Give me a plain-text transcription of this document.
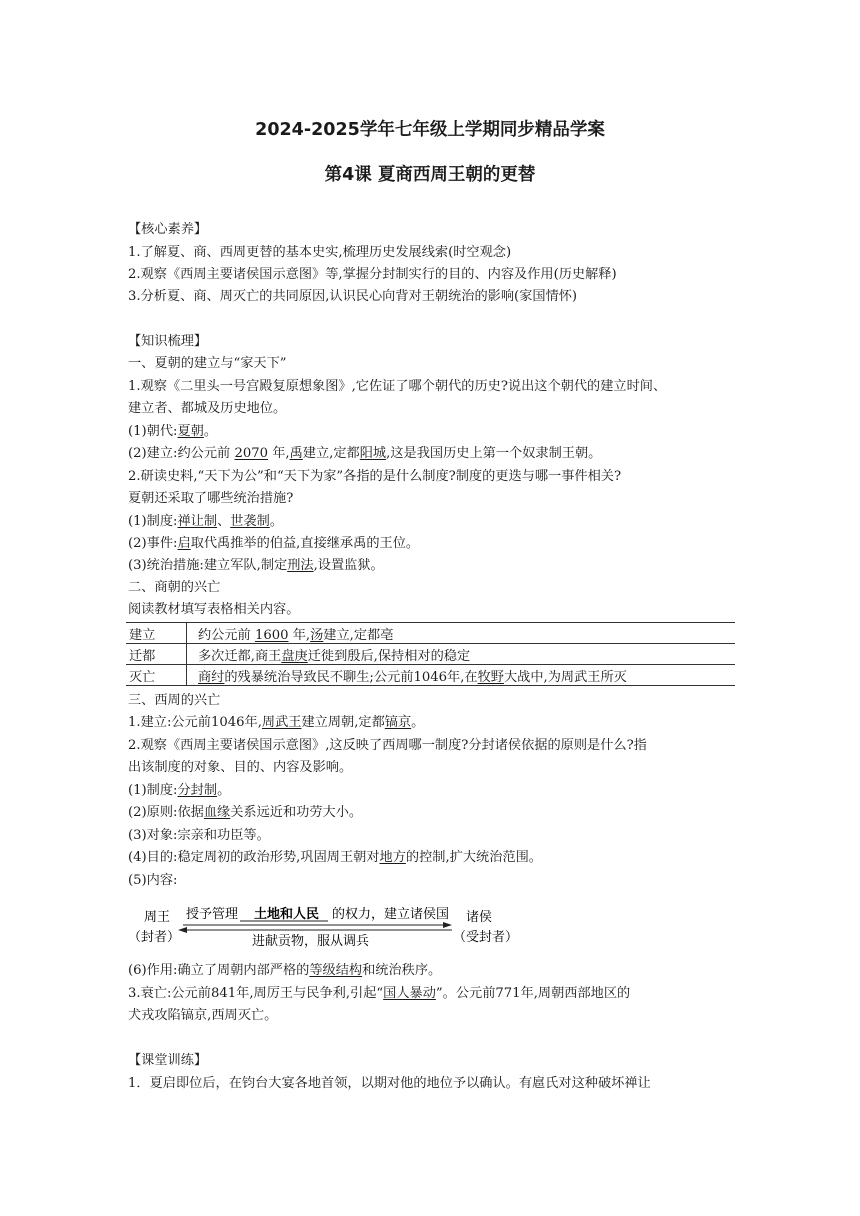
2024-2025学年七年级上学期同步精品学案
第4课 夏商西周王朝的更替
【核心素养】
1.了解夏、商、西周更替的基本史实,梳理历史发展线索(时空观念)
2.观察《西周主要诸侯国示意图》等,掌握分封制实行的目的、内容及作用(历史解释)
3.分析夏、商、周灭亡的共同原因,认识民心向背对王朝统治的影响(家国情怀)
【知识梳理】
一、夏朝的建立与“家天下”
1.观察《二里头一号宫殿复原想象图》,它佐证了哪个朝代的历史?说出这个朝代的建立时间、
建立者、都城及历史地位。
(1)朝代:夏朝。
(2)建立:约公元前 2070 年,禹建立,定都阳城,这是我国历史上第一个奴隶制王朝。
2.研读史料,“天下为公”和“天下为家”各指的是什么制度?制度的更迭与哪一事件相关?
夏朝还采取了哪些统治措施?
(1)制度:禅让制、世袭制。
(2)事件:启取代禹推举的伯益,直接继承禹的王位。
(3)统治措施:建立军队,制定刑法,设置监狱。
二、商朝的兴亡
阅读教材填写表格相关内容。
建立	约公元前 1600 年,汤建立,定都亳
迁都	多次迁都,商王盘庚迁徙到殷后,保持相对的稳定
灭亡	商纣的残暴统治导致民不聊生;公元前1046年,在牧野大战中,为周武王所灭
三、西周的兴亡
1.建立:公元前1046年,周武王建立周朝,定都镐京。
2.观察《西周主要诸侯国示意图》,这反映了西周哪一制度?分封诸侯依据的原则是什么?指
出该制度的对象、目的、内容及影响。
(1)制度:分封制。
(2)原则:依据血缘关系远近和功劳大小。
(3)对象:宗亲和功臣等。
(4)目的:稳定周初的政治形势,巩固周王朝对地方的控制,扩大统治范围。
(5)内容:
周王
（封者）
授予管理 土地和人民 的权力，建立诸侯国
进献贡物，服从调兵
诸侯
（受封者）
(6)作用:确立了周朝内部严格的等级结构和统治秩序。
3.衰亡:公元前841年,周厉王与民争利,引起“国人暴动”。公元前771年,周朝西部地区的
犬戎攻陷镐京,西周灭亡。
【课堂训练】
1．夏启即位后，在钧台大宴各地首领，以期对他的地位予以确认。有扈氏对这种破坏禅让
